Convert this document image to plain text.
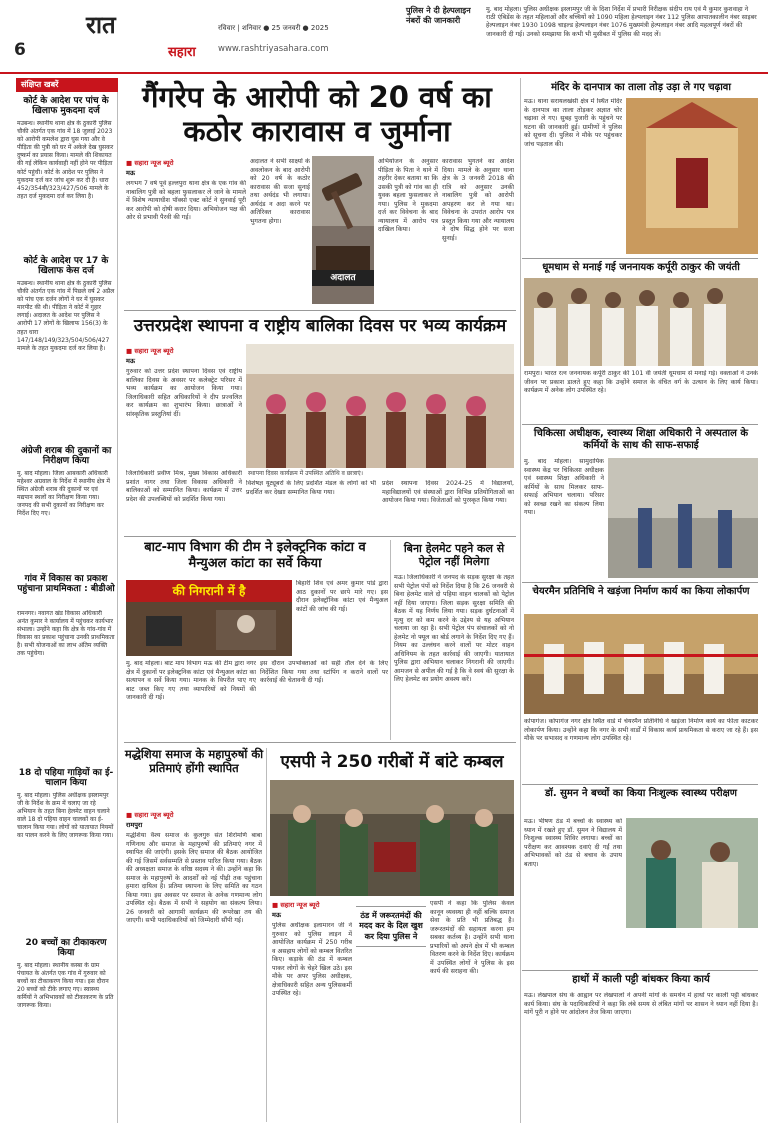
6
रात
सहारा
रविवार | शनिवार ● 25 जनवरी ● 2025
www.rashtriyasahara.com
पुलिस ने दी हेल्पलाइन नंबरों की जानकारी
मु. बाद मोहला। पुलिस अधीक्षक इस्लामपुर जी के दिशा निर्देश में प्रभारी निरीक्षक संदीप राय एवं मै कुमार कुशवाहा ने राठी एंबिडेंस के तहत महिलाओं और बच्चियों को 1090 महिला हेल्पलाइन नंबर 112 पुलिस आपातकालीन नंबर साइबर हेल्पलाइन नंबर 1930 1098 चाइल्ड हेल्पलाइन नंबर 1076 मुख्यमंत्री हेल्पलाइन नंबर आदि महत्वपूर्ण नंबरों की जानकारी दी गई। उनको समझाया कि कभी भी मुसीबत में पुलिस की मदद लें।
संक्षिप्त खबरें
कोर्ट के आदेश पर पांच के खिलाफ मुकदमा दर्ज
मउबन्ध। स्थानीय थाना क्षेत्र के ठुकारी पुलिस चौकी अंतर्गत एक गांव में 18 जुलाई 2023 को आरोपी कमलेश द्वारा घुस गया और वे पीड़िता की पुत्री को घर में अकेले देख घुसकर दुष्कर्म का प्रयास किया। मामले की शिकायत की गई लेकिन कार्यवाही नहीं होने पर पीड़िता कोर्ट पहुंची। कोर्ट के आदेश पर पुलिस ने मुकदमा दर्ज कर जांच शुरू कर दी है। धारा 452/354बी/323/427/506 मामले के तहत दर्ज मुकदमा दर्ज कर लिया है।
कोर्ट के आदेश पर 17 के खिलाफ केस दर्ज
मउबन्ध। स्थानीय थाना क्षेत्र के ठुकारी पुलिस चौकी अंतर्गत एक गांव में पिछले वर्ष 2 अप्रैल को पांच एक दर्जन लोगों ने घर में घुसकर मारपीट की थी। पीड़िता ने कोर्ट में गुहार लगाई। अदालत के आदेश पर पुलिस ने आरोपी 17 लोगों के खिलाफ 156(3) के तहत धारा 147/148/149/323/504/506/427 मामले के तहत मुकदमा दर्ज कर लिया है।
अंग्रेजी शराब की दुकानों का निरीक्षण किया
मु. बाद मोहला। जिला आबकारी अधिकारी महेश्वर अग्रवाल के निर्देश में स्थानीय क्षेत्र में स्थित अंग्रेजी शराब की दुकानों पर एवं मद्यपान स्थलों का निरीक्षण किया गया। जनपद की सभी दुकानों का निरीक्षण कर निर्देश दिए गए।
गांव में विकास का प्रकाश पहुंचाना प्राथमिकता : बीडीओ
रामनगर। नवागत खंड विकास अधिकारी अनंत कुमार ने कार्यालय में पहुंचकर कार्यभार संभाला। उन्होंने कहा कि क्षेत्र के गांव-गांव में विकास का प्रकाश पहुंचाना उनकी प्राथमिकता है। सभी योजनाओं का लाभ अंतिम व्यक्ति तक पहुंचेगा।
18 दो पहिया गाड़ियों का ई-चालान किया
मु. बाद मोहला। पुलिस अधीक्षक इस्लामपुर जी के निर्देश के क्रम में चलाए जा रहे अभियान के तहत बिना हेलमेट वाहन चलाने वाले 18 दो पहिया वाहन चालकों का ई-चालान किया गया। लोगों को यातायात नियमों का पालन करने के लिए जागरूक किया गया।
20 बच्चों का टीकाकरण किया
मु. बाद मोहला। स्थानीय कस्बा के ग्राम पंचायत के अंतर्गत एक गांव में गुरुवार को बच्चों का टीकाकरण किया गया। इस दौरान 20 बच्चों को टीके लगाए गए। स्वास्थ्य कर्मियों ने अभिभावकों को टीकाकरण के प्रति जागरूक किया।
गैंगरेप के आरोपी को 20 वर्ष का कठोर कारावास व जुर्माना
■ सहारा न्यूज ब्यूरो
मऊ
लगभग 7 वर्ष पूर्व हल्लपुरा थाना क्षेत्र के एक गांव की नाबालिग पुत्री को बहला फुसलाकर ले जाने के मामले में विशेष न्यायाधीश पॉक्सो एक्ट कोर्ट ने सुनवाई पूरी कर आरोपी को दोषी करार दिया। अभियोजन पक्ष की ओर से प्रभावी पैरवी की गई।
अदालत ने सभी साक्ष्यों के अवलोकन के बाद आरोपी को 20 वर्ष के कठोर कारावास की सजा सुनाई तथा अर्थदंड भी लगाया। अर्थदंड न अदा करने पर अतिरिक्त कारावास भुगतना होगा।
अदालत
अभियोजन के अनुसार पीड़िता के पिता ने थाने में तहरीर देकर बताया था कि उसकी पुत्री को गांव का ही युवक बहला फुसलाकर ले गया। पुलिस ने मुकदमा दर्ज कर विवेचना के बाद न्यायालय में आरोप पत्र दाखिल किया।
कारावास भुगतने का आदेश दिया। मामले के अनुसार थाना क्षेत्र के 3 जनवरी 2018 की रात्रि को अनुसार उनकी नाबालिग पुत्री को आरोपी अपहरण कर ले गया था। विवेचना के उपरांत आरोप पत्र प्रस्तुत किया गया और न्यायालय ने दोष सिद्ध होने पर सजा सुनाई।
उत्तरप्रदेश स्थापना व राष्ट्रीय बालिका दिवस पर भव्य कार्यक्रम
■ सहारा न्यूज ब्यूरो
मऊ
गुरुवार को उत्तर प्रदेश स्थापना दिवस एवं राष्ट्रीय बालिका दिवस के अवसर पर कलेक्ट्रेट परिसर में भव्य कार्यक्रम का आयोजन किया गया। जिलाधिकारी सहित अधिकारियों ने दीप प्रज्वलित कर कार्यक्रम का शुभारंभ किया। छात्राओं ने सांस्कृतिक प्रस्तुतियां दीं।
स्थापना दिवस कार्यक्रम में उपस्थित अतिथि व छात्राएं।
जिलाधिकारी प्रवीण मिश्र, मुख्य विकास अधिकारी प्रशांत नागर तथा जिला विकास अधिकारी ने बालिकाओं को सम्मानित किया। कार्यक्रम में उत्तर प्रदेश की उपलब्धियों को प्रदर्शित किया गया।
विशेषज्ञ यूट्यूबरों के लिए प्रदर्शित मंडल के लोगों को भी प्रदर्शित कर देखाा सम्मानित किया गया।
प्रदेश स्थापना दिवस 2024-25 में विद्यालयों, महाविद्यालयों एवं संस्थाओं द्वारा विभिन्न प्रतियोगिताओं का आयोजन किया गया। विजेताओं को पुरस्कृत किया गया।
बाट-माप विभाग की टीम ने इलेक्ट्रनिक कांटा व मैन्युअल कांटा का सर्वे किया
की निगरानी में है
बिहारी शिव एवं अमर कुमार पांडे द्वारा आठ दुकानों पर छापे मारे गए। इस दौरान इलेक्ट्रॉनिक कांटा एवं मैन्युअल कांटों की जांच की गई।
मु. बाद मोहला। बाट माप विभाग मऊ की टीम द्वारा नगर क्षेत्र में दुकानों पर इलेक्ट्रनिक कांटा एवं मैन्युअल कांटा का सत्यापन व सर्वे किया गया। मानक के विपरीत पाए गए बाट जब्त किए गए तथा व्यापारियों को नियमों की जानकारी दी गई।
इस दौरान उपभोक्ताओं को सही तौल देने के लिए निर्देशित किया गया तथा स्टांपिंग न कराने वालों पर कार्रवाई की चेतावनी दी गई।
बिना हेलमेट पहने कल से पेट्रोल नहीं मिलेगा
मऊ। जिलाधिकारी ने जनपद के सड़क सुरक्षा के तहत सभी पेट्रोल पंपों को निर्देश दिया है कि 26 जनवरी से बिना हेलमेट वाले दो पहिया वाहन चालकों को पेट्रोल नहीं दिया जाएगा। जिला सड़क सुरक्षा समिति की बैठक में यह निर्णय लिया गया। सड़क दुर्घटनाओं में मृत्यु दर को कम करने के उद्देश्य से यह अभियान चलाया जा रहा है। सभी पेट्रोल पंप संचालकों को नो हेलमेट नो फ्यूल का बोर्ड लगाने के निर्देश दिए गए हैं। नियम का उल्लंघन करने वालों पर मोटर वाहन अधिनियम के तहत कार्रवाई की जाएगी। यातायात पुलिस द्वारा अभियान चलाकर निगरानी की जाएगी। आमजन से अपील की गई है कि वे स्वयं की सुरक्षा के लिए हेलमेट का प्रयोग अवश्य करें।
मद्धेशिया समाज के महापुरुषों की प्रतिमाएं होंगी स्थापित
■ सहारा न्यूज ब्यूरो
रामपुरा
मद्धेशिया वैश्य समाज के कुलगुरु संत शिरोमणि बाबा गणिनाथ और समाज के महापुरुषों की प्रतिमाएं नगर में स्थापित की जाएंगी। इसके लिए समाज की बैठक आयोजित की गई जिसमें सर्वसम्मति से प्रस्ताव पारित किया गया। बैठक की अध्यक्षता समाज के वरिष्ठ सदस्य ने की। उन्होंने कहा कि समाज के महापुरुषों के आदर्शों को नई पीढ़ी तक पहुंचाना हमारा दायित्व है। प्रतिमा स्थापना के लिए समिति का गठन किया गया। इस अवसर पर समाज के अनेक गणमान्य लोग उपस्थित रहे। बैठक में सभी ने सहयोग का संकल्प लिया। 26 जनवरी को आगामी कार्यक्रम की रूपरेखा तय की जाएगी। सभी पदाधिकारियों को जिम्मेदारी सौंपी गई।
एसपी ने 250 गरीबों में बांटे कम्बल
■ सहारा न्यूज ब्यूरो
मऊ
पुलिस अधीक्षक इलामारन जी ने गुरुवार को पुलिस लाइन में आयोजित कार्यक्रम में 250 गरीब व असहाय लोगों को कम्बल वितरित किए। कड़ाके की ठंड में कम्बल पाकर लोगों के चेहरे खिल उठे। इस मौके पर अपर पुलिस अधीक्षक, क्षेत्राधिकारी सहित अन्य पुलिसकर्मी उपस्थित रहे।
ठंड में जरूरतमंदों की मदद कर के दिल खुश कर दिया पुलिस ने
एसपी ने कहा कि पुलिस केवल कानून व्यवस्था ही नहीं बल्कि समाज सेवा के प्रति भी प्रतिबद्ध है। जरूरतमंदों की सहायता करना हम सबका कर्तव्य है। उन्होंने सभी थाना प्रभारियों को अपने क्षेत्र में भी कम्बल वितरण करने के निर्देश दिए। कार्यक्रम में उपस्थित लोगों ने पुलिस के इस कार्य की सराहना की।
मंदिर के दानपात्र का ताला तोड़ उड़ा ले गए चढ़ावा
मऊ। थाना सरायलखंसी क्षेत्र में स्थित मंदिर के दानपात्र का ताला तोड़कर अज्ञात चोर चढ़ावा ले गए। सुबह पुजारी के पहुंचने पर घटना की जानकारी हुई। ग्रामीणों ने पुलिस को सूचना दी। पुलिस ने मौके पर पहुंचकर जांच पड़ताल की।
धूमधाम से मनाई गई जननायक कर्पूरी ठाकुर की जयंती
रामपुरा। भारत रत्न जननायक कर्पूरी ठाकुर की 101 वीं जयंती धूमधाम से मनाई गई। वक्ताओं ने उनके जीवन पर प्रकाश डालते हुए कहा कि उन्होंने समाज के वंचित वर्ग के उत्थान के लिए कार्य किया। कार्यक्रम में अनेक लोग उपस्थित रहे।
चिकित्सा अधीक्षक, स्वास्थ्य शिक्षा अधिकारी ने अस्पताल के कर्मियों के साथ की साफ-सफाई
मु. बाद मोहला। सामुदायिक स्वास्थ्य केंद्र पर चिकित्सा अधीक्षक एवं स्वास्थ्य शिक्षा अधिकारी ने कर्मियों के साथ मिलकर साफ-सफाई अभियान चलाया। परिसर को स्वच्छ रखने का संकल्प लिया गया।
चेयरमैन प्रतिनिधि ने खड़ंजा निर्माण कार्य का किया लोकार्पण
कोपागंज। कोपागंज नगर क्षेत्र स्थित वार्ड में चेयरमैन प्रतिनिधि ने खड़ंजा निर्माण कार्य का फीता काटकर लोकार्पण किया। उन्होंने कहा कि नगर के सभी वार्डों में विकास कार्य प्राथमिकता से कराए जा रहे हैं। इस मौके पर सभासद व गणमान्य लोग उपस्थित रहे।
डॉ. सुमन ने बच्चों का किया निःशुल्क स्वास्थ्य परीक्षण
मऊ। भीषण ठंड में बच्चों के स्वास्थ्य को ध्यान में रखते हुए डॉ. सुमन ने विद्यालय में निःशुल्क स्वास्थ्य शिविर लगाया। बच्चों का परीक्षण कर आवश्यक दवाएं दी गईं तथा अभिभावकों को ठंड से बचाव के उपाय बताए।
हाथों में काली पट्टी बांधकर किया कार्य
मऊ। लेखपाल संघ के आह्वान पर लेखपालों ने अपनी मांगों के समर्थन में हाथों पर काली पट्टी बांधकर कार्य किया। संघ के पदाधिकारियों ने कहा कि लंबे समय से लंबित मांगों पर शासन ने ध्यान नहीं दिया है। मांगें पूरी न होने पर आंदोलन तेज किया जाएगा।
